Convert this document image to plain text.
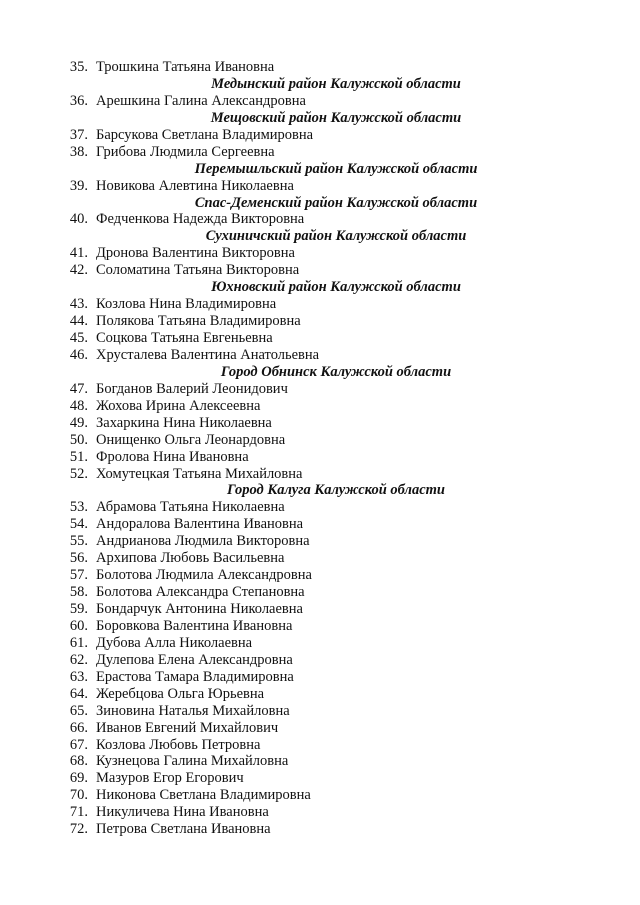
35. Трошкина Татьяна Ивановна
Медынский район Калужской области
36. Арешкина Галина Александровна
Мещовский район Калужской области
37. Барсукова Светлана Владимировна
38. Грибова Людмила Сергеевна
Перемышльский район Калужской области
39. Новикова Алевтина Николаевна
Спас-Деменский район Калужской области
40. Федченкова Надежда Викторовна
Сухиничский район Калужской области
41. Дронова Валентина Викторовна
42. Соломатина Татьяна Викторовна
Юхновский район Калужской области
43. Козлова Нина Владимировна
44. Полякова Татьяна Владимировна
45. Соцкова Татьяна Евгеньевна
46. Хрусталева Валентина Анатольевна
Город Обнинск Калужской области
47. Богданов Валерий Леонидович
48. Жохова Ирина Алексеевна
49. Захаркина Нина Николаевна
50. Онищенко Ольга Леонардовна
51. Фролова Нина Ивановна
52. Хомутецкая Татьяна Михайловна
Город Калуга Калужской области
53. Абрамова Татьяна Николаевна
54. Андоралова Валентина Ивановна
55. Андрианова Людмила Викторовна
56. Архипова Любовь Васильевна
57. Болотова Людмила Александровна
58. Болотова Александра Степановна
59. Бондарчук Антонина Николаевна
60. Боровкова Валентина Ивановна
61. Дубова Алла Николаевна
62. Дулепова Елена Александровна
63. Ерастова Тамара Владимировна
64. Жеребцова Ольга Юрьевна
65. Зиновина Наталья Михайловна
66. Иванов Евгений Михайлович
67. Козлова Любовь Петровна
68. Кузнецова Галина Михайловна
69. Мазуров Егор Егорович
70. Никонова Светлана Владимировна
71. Никуличева Нина Ивановна
72. Петрова Светлана Ивановна
